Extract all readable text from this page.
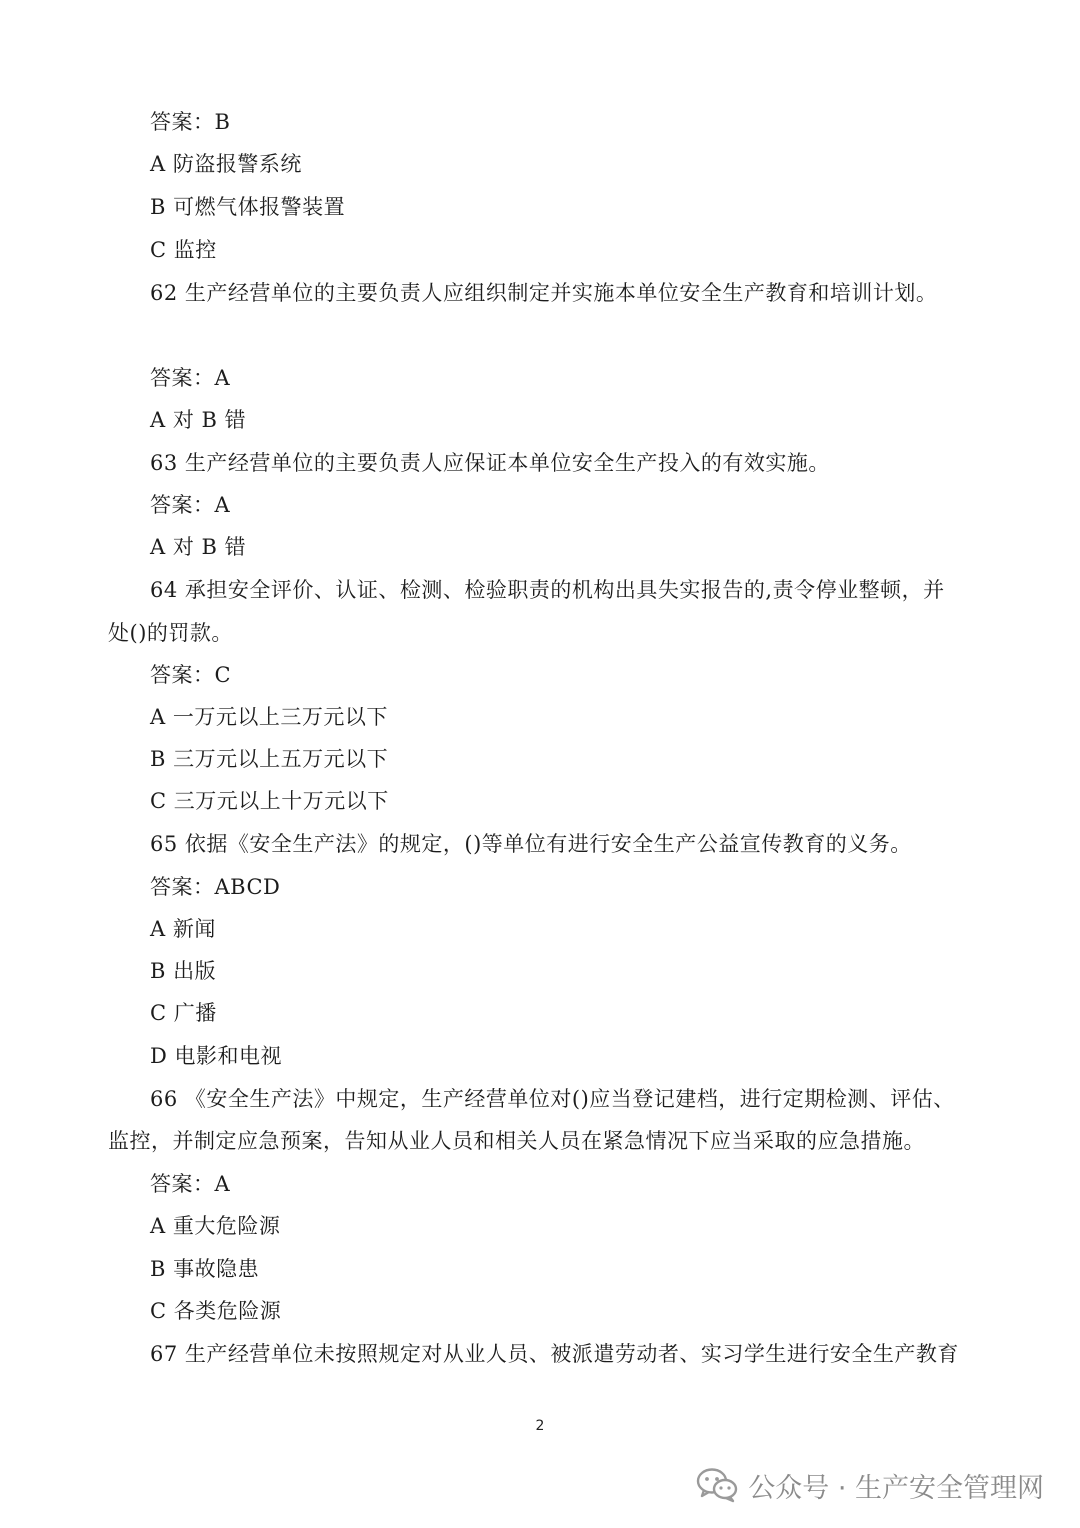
答案：B

A 防盗报警系统

B 可燃气体报警装置

C 监控

62 生产经营单位的主要负责人应组织制定并实施本单位安全生产教育和培训计划。

答案：A

A 对 B 错

63 生产经营单位的主要负责人应保证本单位安全生产投入的有效实施。

答案：A

A 对 B 错

64 承担安全评价、认证、检测、检验职责的机构出具失实报告的,责令停业整顿，并

处()的罚款。

答案：C

A 一万元以上三万元以下

B 三万元以上五万元以下

C 三万元以上十万元以下

65 依据《安全生产法》的规定，()等单位有进行安全生产公益宣传教育的义务。

答案：ABCD

A 新闻

B 出版

C 广播

D 电影和电视

66 《安全生产法》中规定，生产经营单位对()应当登记建档，进行定期检测、评估、

监控，并制定应急预案，告知从业人员和相关人员在紧急情况下应当采取的应急措施。

答案：A

A 重大危险源

B 事故隐患

C 各类危险源

67 生产经营单位未按照规定对从业人员、被派遣劳动者、实习学生进行安全生产教育

2
公众号 · 生产安全管理网
